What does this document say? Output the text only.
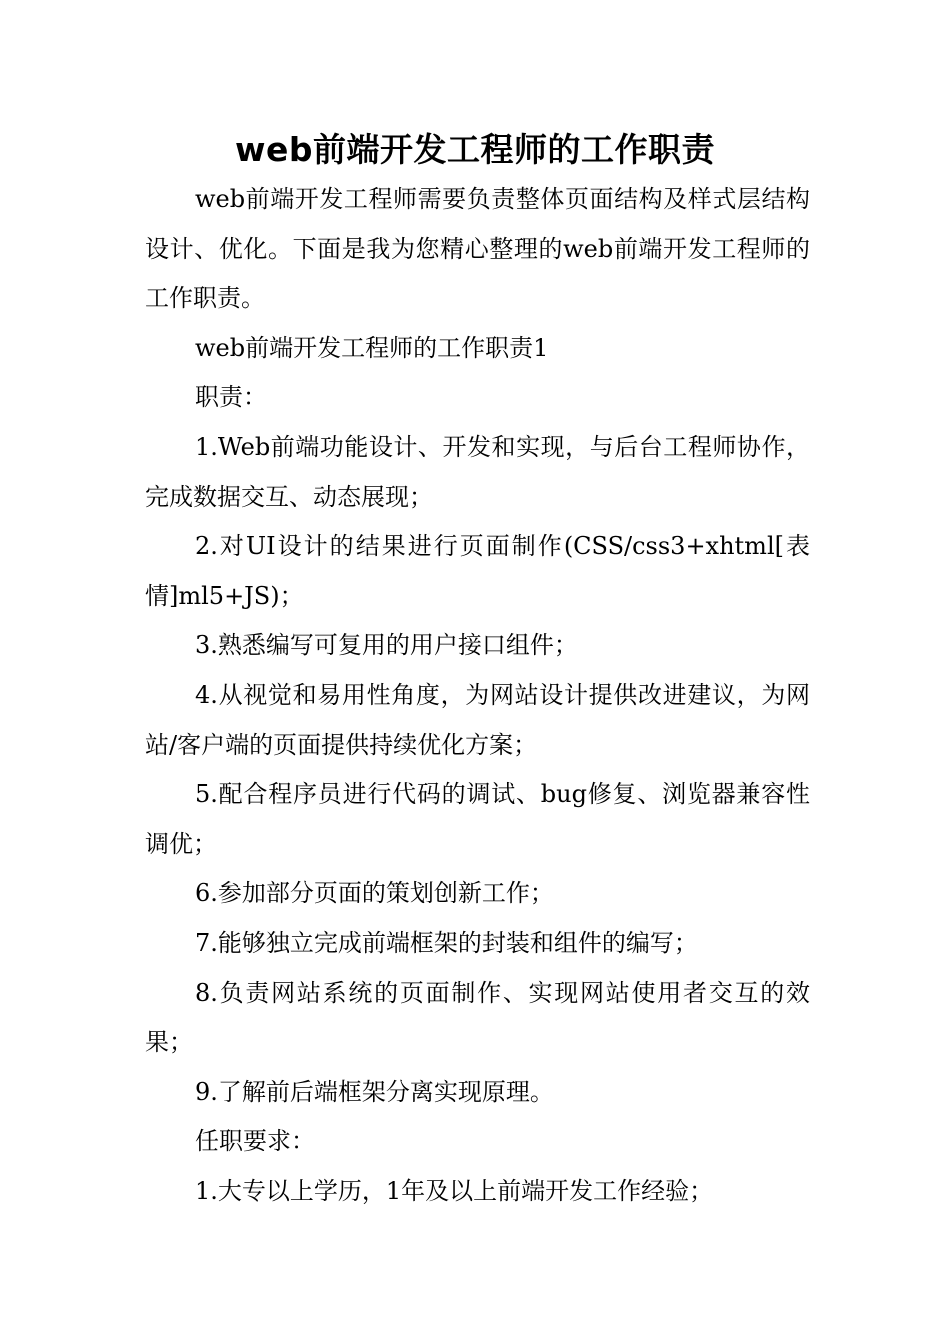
web前端开发工程师的工作职责

web前端开发工程师需要负责整体页面结构及样式层结构设计、优化。下面是我为您精心整理的web前端开发工程师的工作职责。

web前端开发工程师的工作职责1

职责：

1.Web前端功能设计、开发和实现，与后台工程师协作，完成数据交互、动态展现；

2.对UI设计的结果进行页面制作(CSS/css3+xhtml[表情]ml5+JS)；

3.熟悉编写可复用的用户接口组件；

4.从视觉和易用性角度，为网站设计提供改进建议，为网站/客户端的页面提供持续优化方案；

5.配合程序员进行代码的调试、bug修复、浏览器兼容性调优；

6.参加部分页面的策划创新工作；

7.能够独立完成前端框架的封装和组件的编写；

8.负责网站系统的页面制作、实现网站使用者交互的效果；

9.了解前后端框架分离实现原理。

任职要求：

1.大专以上学历，1年及以上前端开发工作经验；
